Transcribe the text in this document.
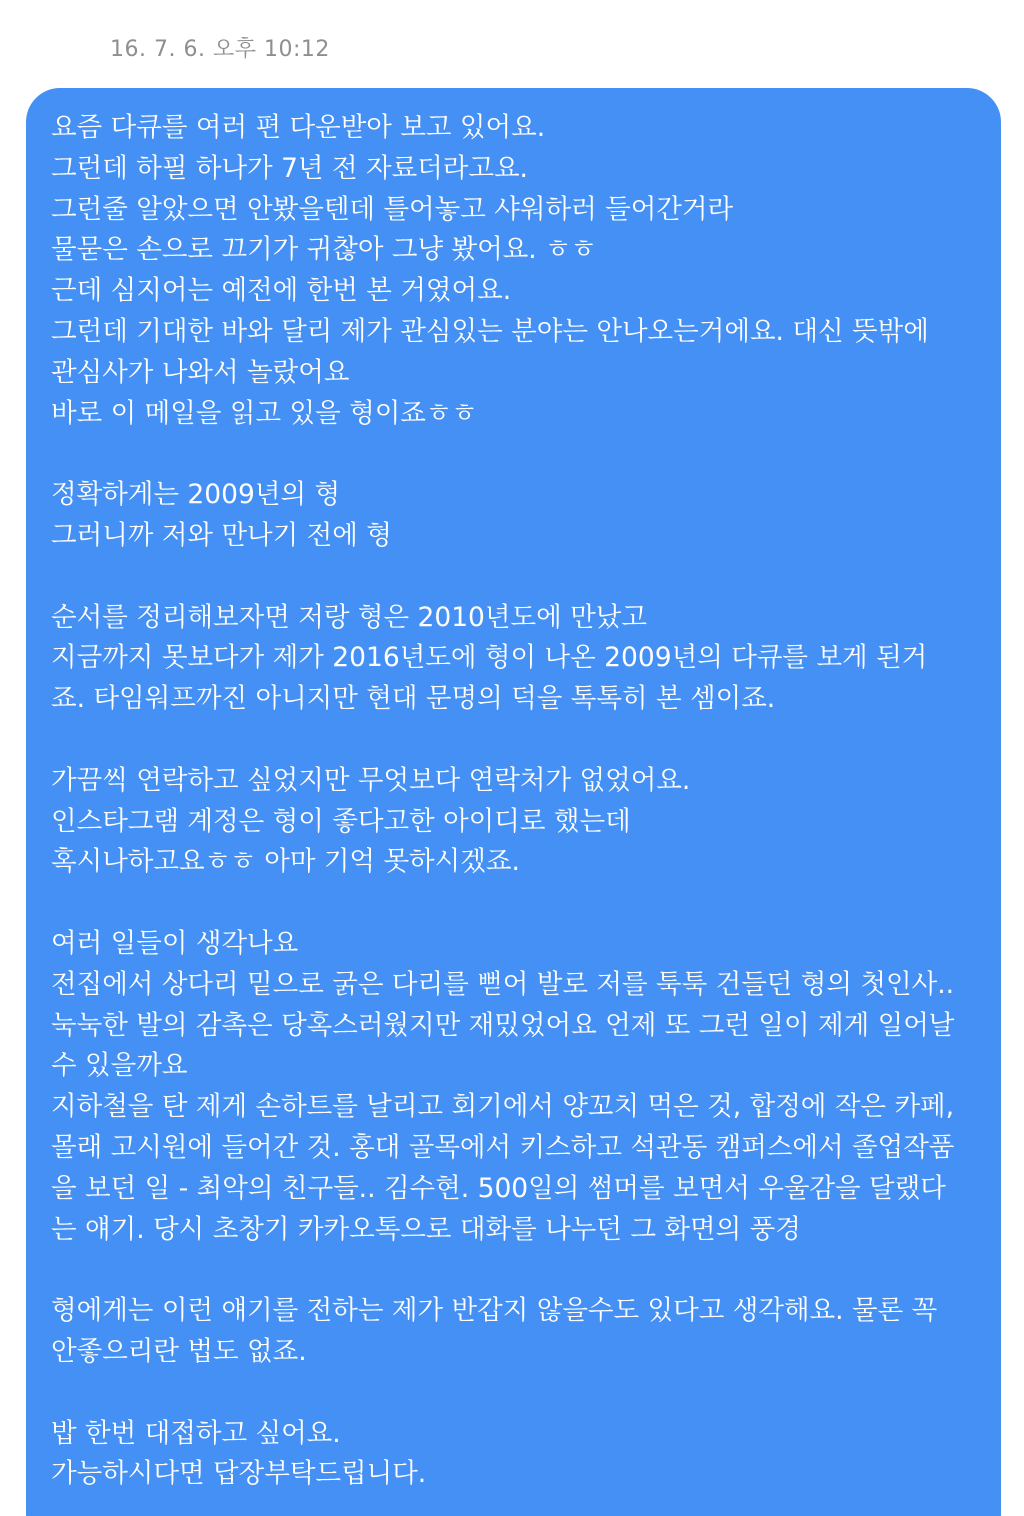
16. 7. 6. 오후 10:12
요즘 다큐를 여러 편 다운받아 보고 있어요.
그런데 하필 하나가 7년 전 자료더라고요.
그런줄 알았으면 안봤을텐데 틀어놓고 샤워하러 들어간거라
물묻은 손으로 끄기가 귀찮아 그냥 봤어요. ㅎㅎ
근데 심지어는 예전에 한번 본 거였어요.
그런데 기대한 바와 달리 제가 관심있는 분야는 안나오는거에요. 대신 뜻밖에
관심사가 나와서 놀랐어요
바로 이 메일을 읽고 있을 형이죠ㅎㅎ
정확하게는 2009년의 형
그러니까 저와 만나기 전에 형
순서를 정리해보자면 저랑 형은 2010년도에 만났고
지금까지 못보다가 제가 2016년도에 형이 나온 2009년의 다큐를 보게 된거
죠. 타임워프까진 아니지만 현대 문명의 덕을 톡톡히 본 셈이죠.
가끔씩 연락하고 싶었지만 무엇보다 연락처가 없었어요.
인스타그램 계정은 형이 좋다고한 아이디로 했는데
혹시나하고요ㅎㅎ 아마 기억 못하시겠죠.
여러 일들이 생각나요
전집에서 상다리 밑으로 굵은 다리를 뻗어 발로 저를 툭툭 건들던 형의 첫인사..
눅눅한 발의 감촉은 당혹스러웠지만 재밌었어요 언제 또 그런 일이 제게 일어날
수 있을까요
지하철을 탄 제게 손하트를 날리고 회기에서 양꼬치 먹은 것, 합정에 작은 카페,
몰래 고시원에 들어간 것. 홍대 골목에서 키스하고 석관동 캠퍼스에서 졸업작품
을 보던 일 - 최악의 친구들.. 김수현. 500일의 썸머를 보면서 우울감을 달랬다
는 얘기. 당시 초창기 카카오톡으로 대화를 나누던 그 화면의 풍경
형에게는 이런 얘기를 전하는 제가 반갑지 않을수도 있다고 생각해요. 물론 꼭
안좋으리란 법도 없죠.
밥 한번 대접하고 싶어요.
가능하시다면 답장부탁드립니다.
